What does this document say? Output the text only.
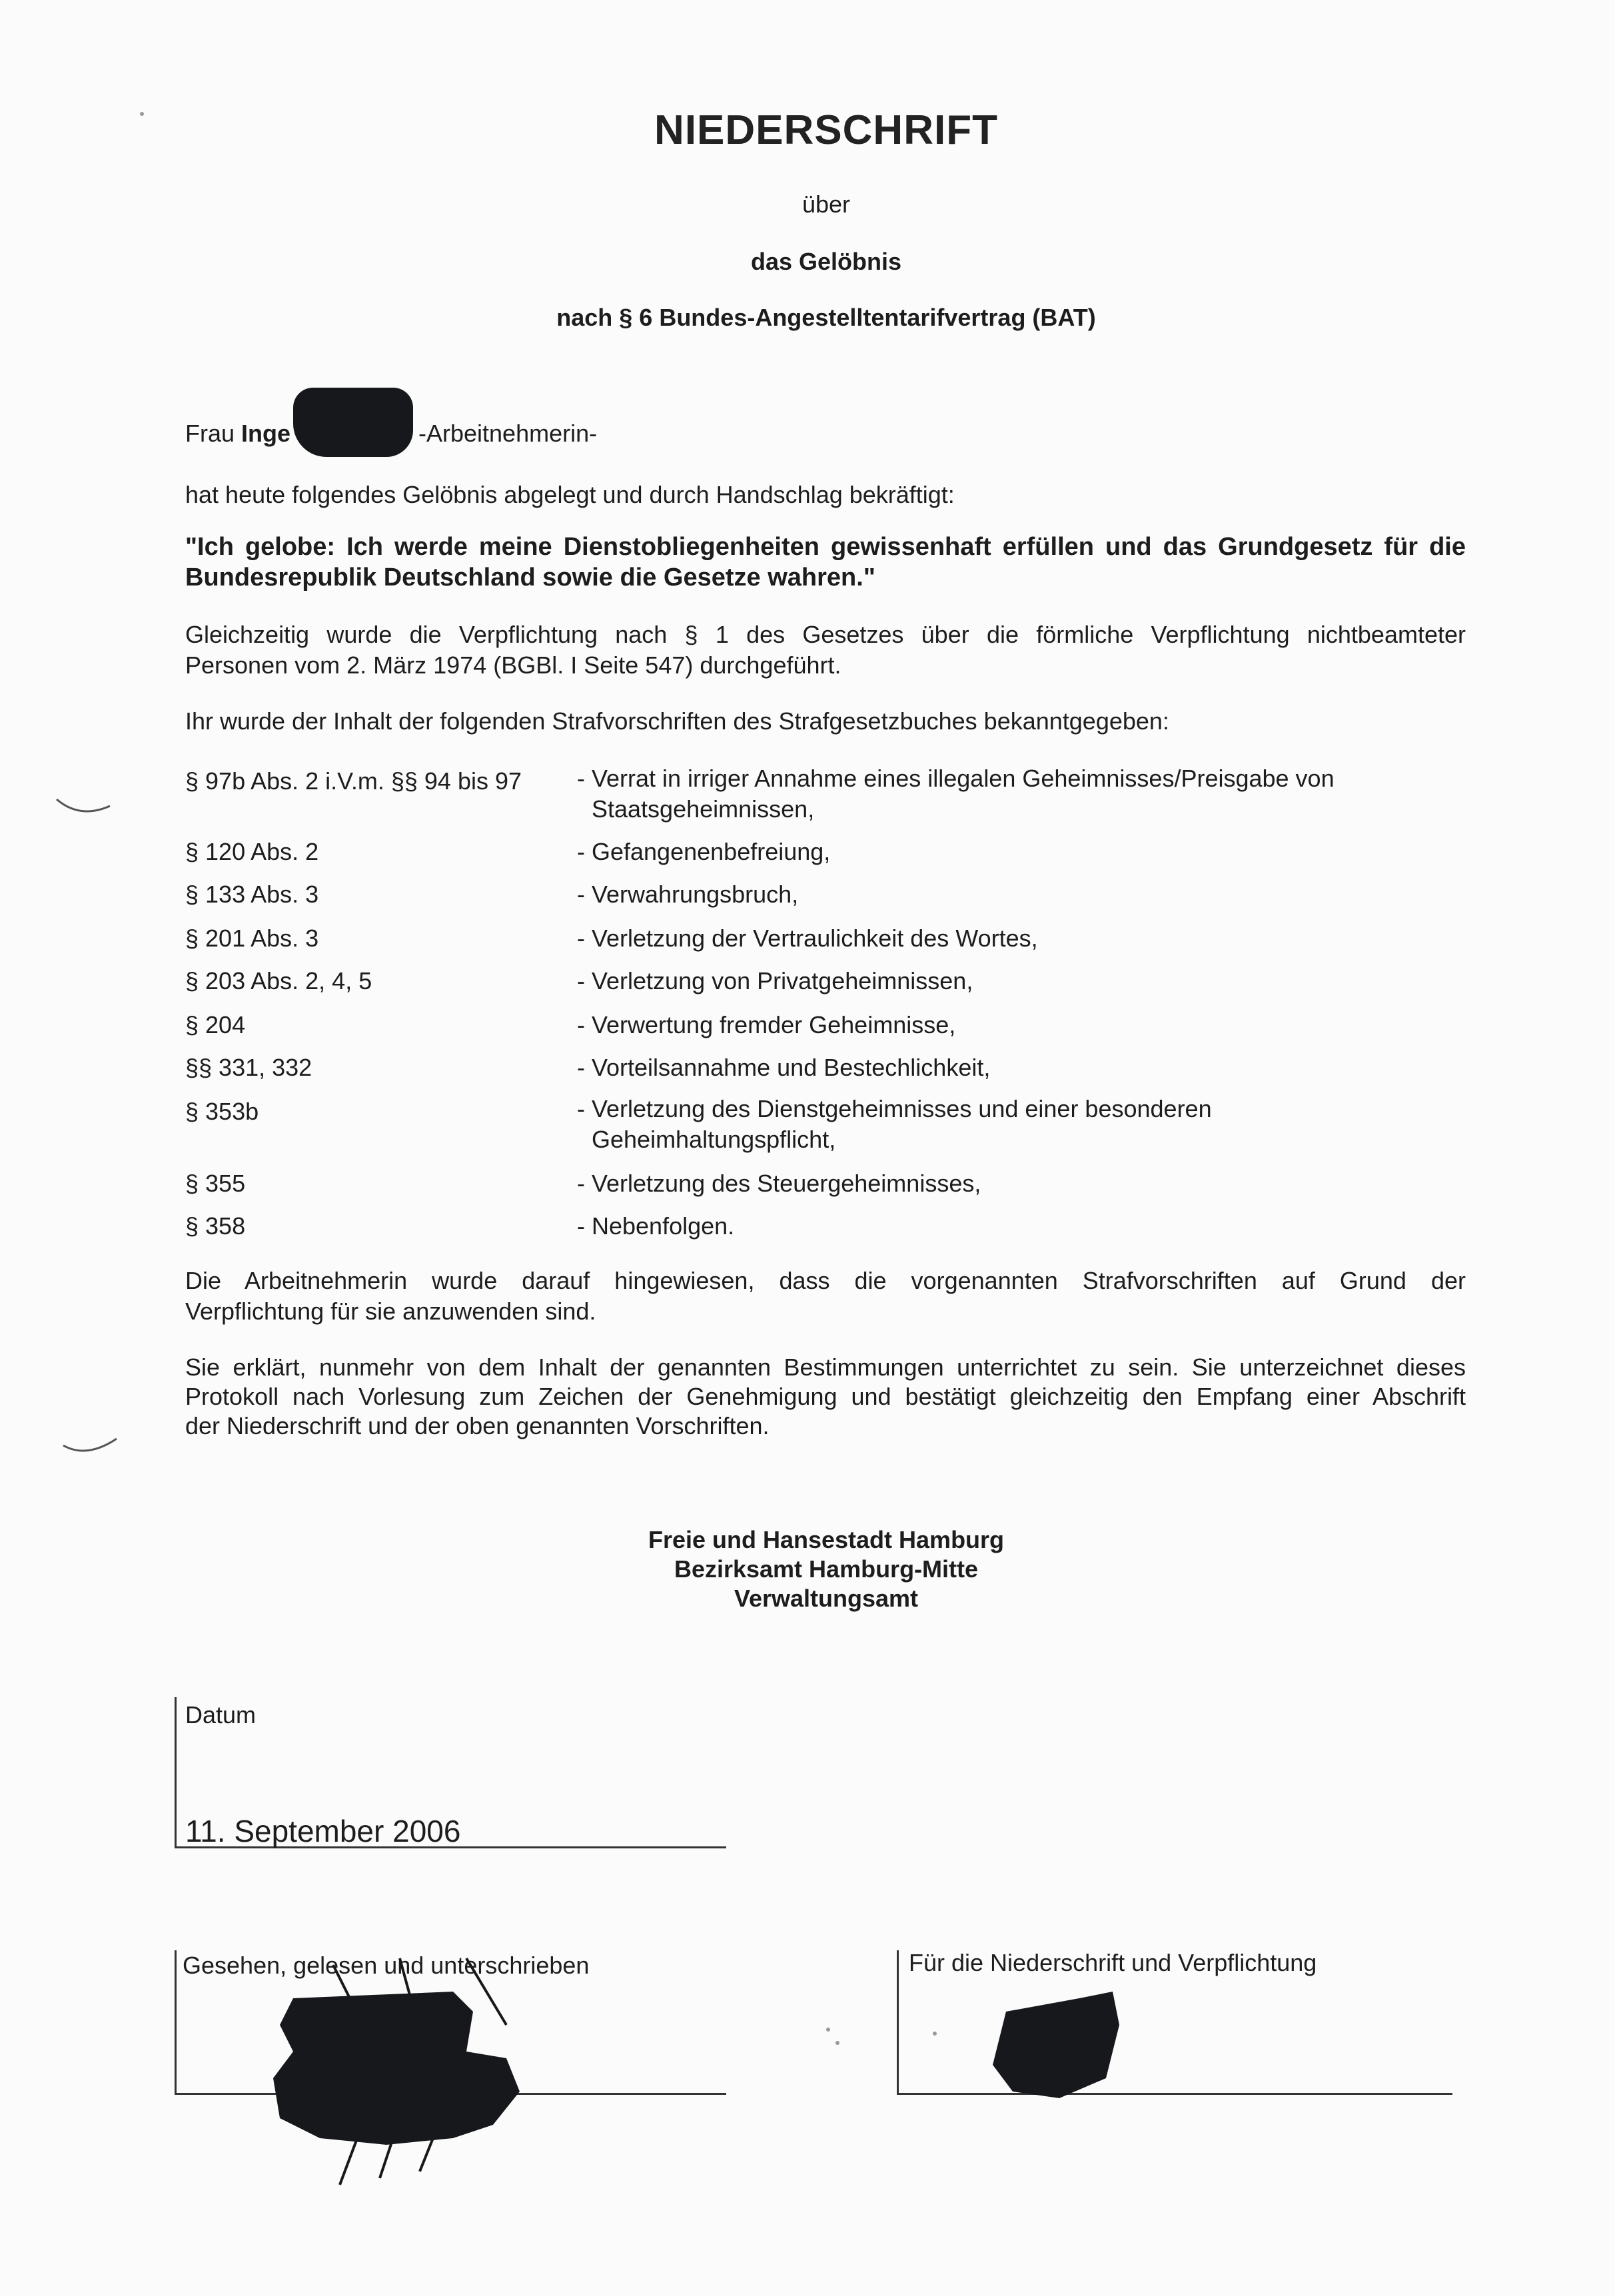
NIEDERSCHRIFT
über
das Gelöbnis
nach § 6 Bundes-Angestelltentarifvertrag (BAT)
Frau Inge	-Arbeitnehmerin-
hat heute folgendes Gelöbnis abgelegt und durch Handschlag bekräftigt:
"Ich gelobe: Ich werde meine Dienstobliegenheiten gewissenhaft erfüllen und das Grundgesetz für die
Bundesrepublik Deutschland sowie die Gesetze wahren."
Gleichzeitig wurde die Verpflichtung nach § 1 des Gesetzes über die förmliche Verpflichtung nichtbeamteter
Personen vom 2. März 1974 (BGBl. I Seite 547) durchgeführt.
Ihr wurde der Inhalt der folgenden Strafvorschriften des Strafgesetzbuches bekanntgegeben:
§ 97b Abs. 2 i.V.m. §§ 94 bis 97 - Verrat in irriger Annahme eines illegalen Geheimnisses/Preisgabe von
Staatsgeheimnissen,
§ 120 Abs. 2	- Gefangenenbefreiung,
§ 133 Abs. 3	- Verwahrungsbruch,
§ 201 Abs. 3	- Verletzung der Vertraulichkeit des Wortes,
§ 203 Abs. 2, 4, 5	- Verletzung von Privatgeheimnissen,
§ 204	- Verwertung fremder Geheimnisse,
§§ 331, 332	- Vorteilsannahme und Bestechlichkeit,
§ 353b	- Verletzung des Dienstgeheimnisses und einer besonderen
Geheimhaltungspflicht,
§ 355	- Verletzung des Steuergeheimnisses,
§ 358	- Nebenfolgen.
Die Arbeitnehmerin wurde darauf hingewiesen, dass die vorgenannten Strafvorschriften auf Grund der
Verpflichtung für sie anzuwenden sind.
Sie erklärt, nunmehr von dem Inhalt der genannten Bestimmungen unterrichtet zu sein. Sie unterzeichnet dieses
Protokoll nach Vorlesung zum Zeichen der Genehmigung und bestätigt gleichzeitig den Empfang einer Abschrift
der Niederschrift und der oben genannten Vorschriften.
Freie und Hansestadt Hamburg
Bezirksamt Hamburg-Mitte
Verwaltungsamt
Datum
11. September 2006
Gesehen, gelesen und unterschrieben	Für die Niederschrift und Verpflichtung
